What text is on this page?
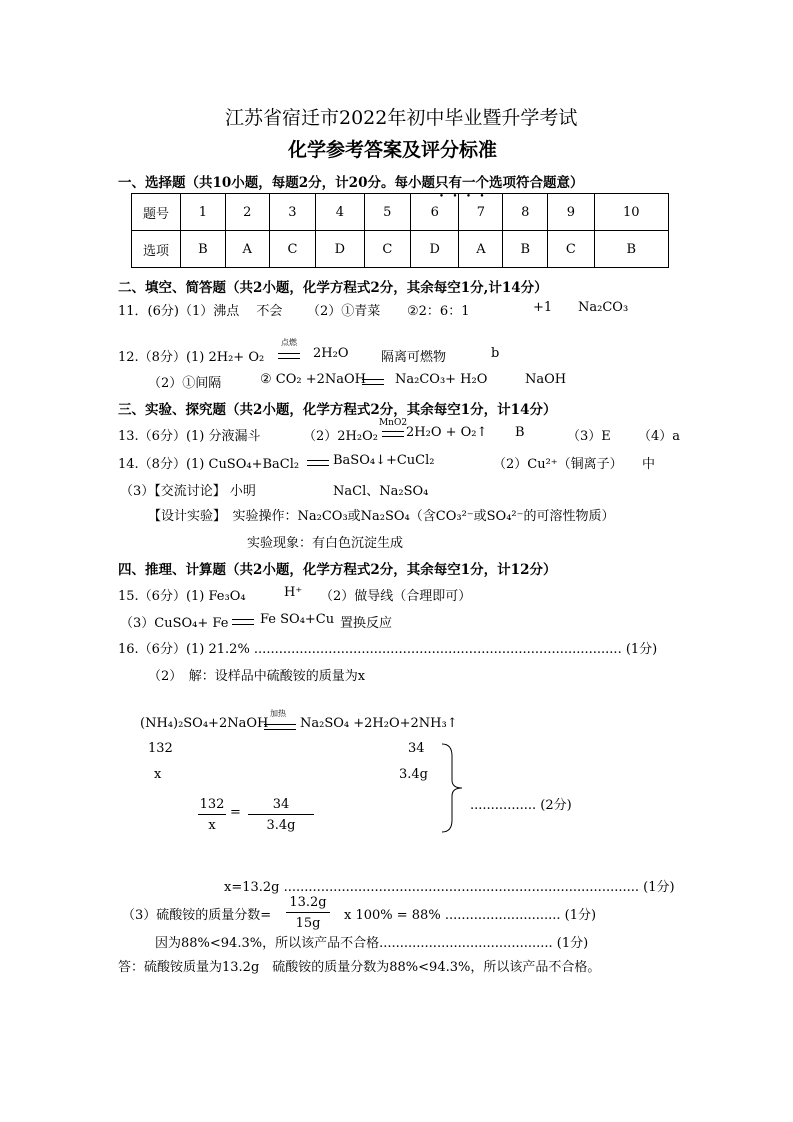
江苏省宿迁市2022年初中毕业暨升学考试
化学参考答案及评分标准
一、选择题（共10小题，每题2分，计20分。每小题只有一个选项符合题意）
题号	1	2	3	4	5	6	7	8	9	10
选项	B	A	C	D	C	D	A	B	C	B
二、填空、简答题（共2小题，化学方程式2分，其余每空1分,计14分）
11．(6分)（1）沸点　 不会 （2）①青菜 ②2：6：1	+1 Na₂CO₃
12.（8分）(1) 2H₂+ O₂
点燃
2H₂O	隔离可燃物	b
（2）①间隔	② CO₂ +2NaOH Na₂CO₃+ H₂O	NaOH
三、实验、探究题（共2小题，化学方程式2分，其余每空1分，计14分）
13.（6分）(1) 分液漏斗	（2）2H₂O₂
MnO2
2H₂O + O₂↑ B	（3）E （4）a
14.（8分）(1) CuSO₄+BaCl₂	BaSO₄↓+CuCl₂	（2）Cu²⁺（铜离子） 中
（3）【交流讨论】 小明	NaCl、Na₂SO₄
【设计实验】　实验操作：Na₂CO₃或Na₂SO₄（含CO₃²⁻或SO₄²⁻的可溶性物质）
实验现象：有白色沉淀生成
四、推理、计算题（共2小题，化学方程式2分，其余每空1分，计12分）
15.（6分）(1) Fe₃O₄	H⁺ （2）做导线（合理即可）
（3）CuSO₄+ Fe Fe SO₄+Cu 置换反应
16.（6分）(1) 21.2% ......................................................................................... (1分)
（2）　解：设样品中硫酸铵的质量为x
(NH₄)₂SO₄+2NaOH
加热
Na₂SO₄ +2H₂O+2NH₃↑
132	34
x	3.4g
132
x
=
34
3.4g
................ (2分)
x=13.2g ...................................................................................... (1分)
（3）硫酸铵的质量分数=
13.2g
15g
x 100% = 88% ............................ (1分)
因为88%<94.3%，所以该产品不合格.......................................... (1分)
答：硫酸铵质量为13.2g　硫酸铵的质量分数为88%<94.3%，所以该产品不合格。
